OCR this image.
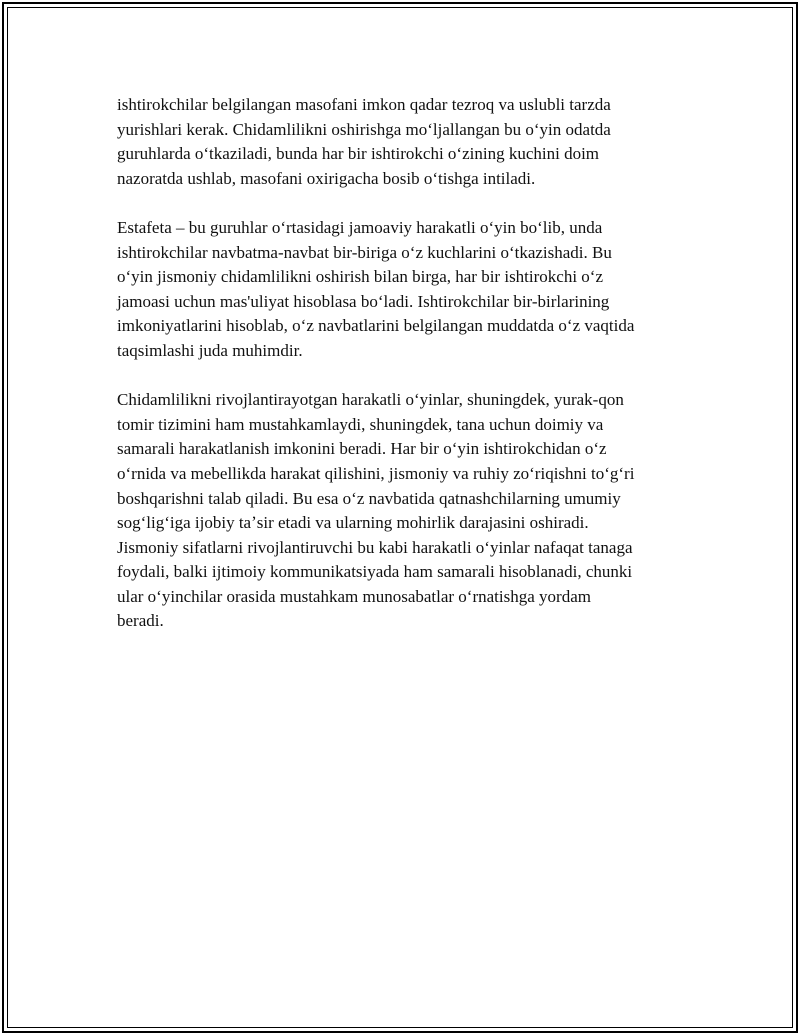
ishtirokchilar belgilangan masofani imkon qadar tezroq va uslubli tarzda
yurishlari kerak. Chidamlilikni oshirishga moʻljallangan bu oʻyin odatda
guruhlarda oʻtkaziladi, bunda har bir ishtirokchi oʻzining kuchini doim
nazoratda ushlab, masofani oxirigacha bosib oʻtishga intiladi.

Estafeta – bu guruhlar oʻrtasidagi jamoaviy harakatli oʻyin boʻlib, unda
ishtirokchilar navbatma-navbat bir-biriga oʻz kuchlarini oʻtkazishadi. Bu
oʻyin jismoniy chidamlilikni oshirish bilan birga, har bir ishtirokchi oʻz
jamoasi uchun mas'uliyat hisoblasa boʻladi. Ishtirokchilar bir-birlarining
imkoniyatlarini hisoblab, oʻz navbatlarini belgilangan muddatda oʻz vaqtida
taqsimlashi juda muhimdir.

Chidamlilikni rivojlantirayotgan harakatli oʻyinlar, shuningdek, yurak-qon
tomir tizimini ham mustahkamlaydi, shuningdek, tana uchun doimiy va
samarali harakatlanish imkonini beradi. Har bir oʻyin ishtirokchidan oʻz
oʻrnida va mebellikda harakat qilishini, jismoniy va ruhiy zoʻriqishni toʻgʻri
boshqarishni talab qiladi. Bu esa oʻz navbatida qatnashchilarning umumiy
sogʻligʻiga ijobiy taʼsir etadi va ularning mohirlik darajasini oshiradi.
Jismoniy sifatlarni rivojlantiruvchi bu kabi harakatli oʻyinlar nafaqat tanaga
foydali, balki ijtimoiy kommunikatsiyada ham samarali hisoblanadi, chunki
ular oʻyinchilar orasida mustahkam munosabatlar oʻrnatishga yordam
beradi.
